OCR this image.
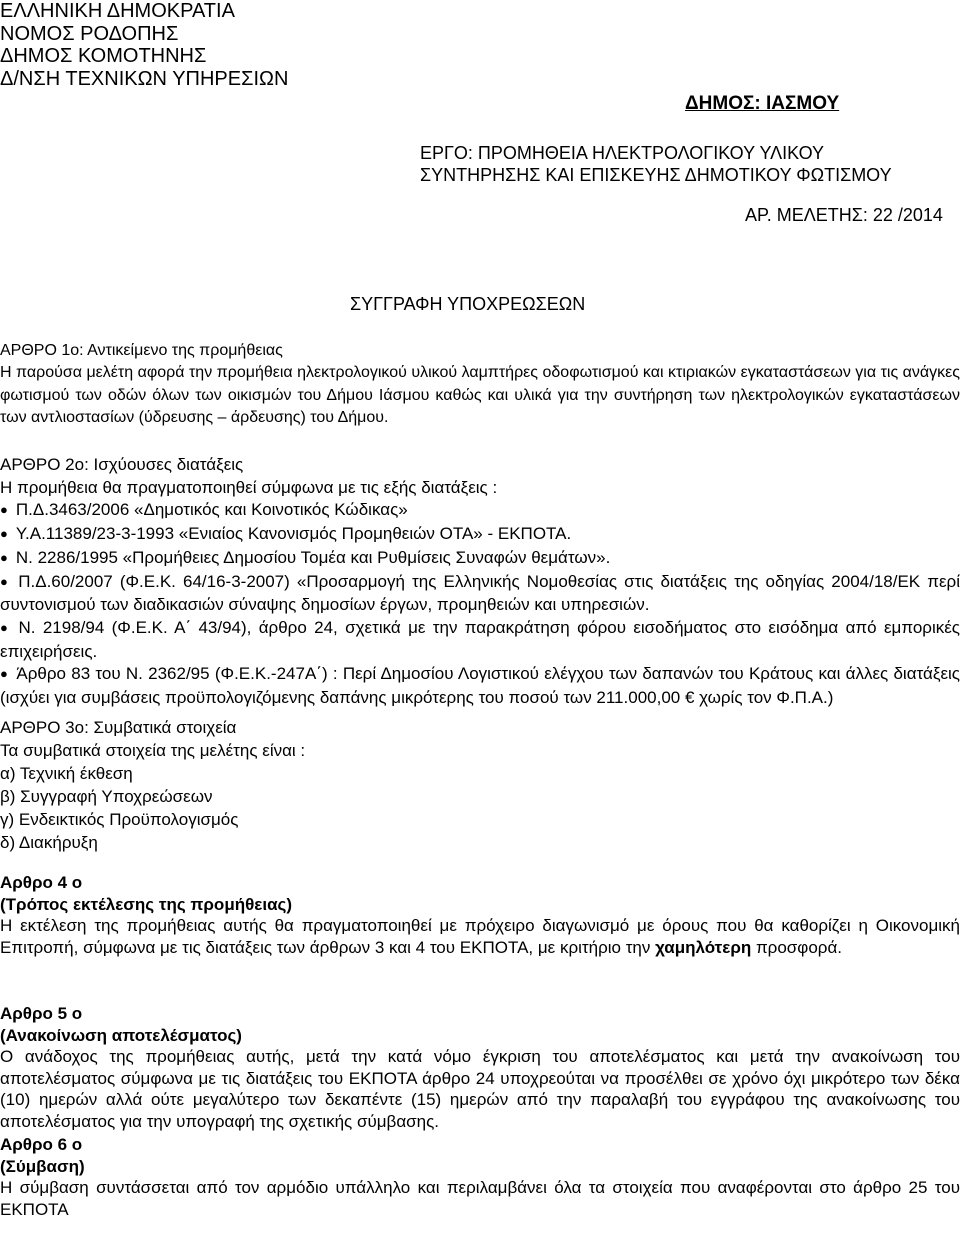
ΕΛΛΗΝΙΚΗ ΔΗΜΟΚΡΑΤΙΑ
ΝΟΜΟΣ ΡΟΔΟΠΗΣ
ΔΗΜΟΣ ΚΟΜΟΤΗΝΗΣ
Δ/ΝΣΗ ΤΕΧΝΙΚΩΝ ΥΠΗΡΕΣΙΩΝ
ΔΗΜΟΣ: ΙΑΣΜΟΥ
ΕΡΓΟ: ΠΡΟΜΗΘΕΙΑ ΗΛΕΚΤΡΟΛΟΓΙΚΟΥ ΥΛΙΚΟΥ
ΣΥΝΤΗΡΗΣΗΣ ΚΑΙ ΕΠΙΣΚΕΥΗΣ ΔΗΜΟΤΙΚΟΥ ΦΩΤΙΣΜΟΥ
ΑΡ. ΜΕΛΕΤΗΣ: 22 /2014
ΣΥΓΓΡΑΦΗ ΥΠΟΧΡΕΩΣΕΩΝ

ΑΡΘΡΟ 1ο: Αντικείμενο της προμήθειας

Η παρούσα μελέτη αφορά την προμήθεια ηλεκτρολογικού υλικού λαμπτήρες οδοφωτισμού και κτιριακών εγκαταστάσεων για τις ανάγκες φωτισμού των οδών όλων των οικισμών του Δήμου Ιάσμου καθώς και υλικά για την συντήρηση των ηλεκτρολογικών εγκαταστάσεων των αντλιοστασίων (ύδρευσης – άρδευσης) του Δήμου.

ΑΡΘΡΟ 2ο: Ισχύουσες διατάξεις

Η προμήθεια θα πραγματοποιηθεί σύμφωνα με τις εξής διατάξεις :

● Π.Δ.3463/2006 «Δημοτικός και Κοινοτικός Κώδικας»

● Υ.Α.11389/23-3-1993 «Ενιαίος Κανονισμός Προμηθειών ΟΤΑ» - ΕΚΠΟΤΑ.

● Ν. 2286/1995 «Προμήθειες Δημοσίου Τομέα και Ρυθμίσεις Συναφών θεμάτων».

● Π.Δ.60/2007 (Φ.Ε.Κ. 64/16-3-2007) «Προσαρμογή της Ελληνικής Νομοθεσίας στις διατάξεις της οδηγίας 2004/18/ΕΚ περί συντονισμού των διαδικασιών σύναψης δημοσίων έργων, προμηθειών και υπηρεσιών.

● Ν. 2198/94 (Φ.Ε.Κ. Α΄ 43/94), άρθρο 24, σχετικά με την παρακράτηση φόρου εισοδήματος στο εισόδημα από εμπορικές επιχειρήσεις.

● Άρθρο 83 του Ν. 2362/95 (Φ.Ε.Κ.-247Α΄) : Περί Δημοσίου Λογιστικού ελέγχου των δαπανών του Κράτους και άλλες διατάξεις (ισχύει για συμβάσεις προϋπολογιζόμενης δαπάνης μικρότερης του ποσού των 211.000,00 € χωρίς τον Φ.Π.Α.)

ΑΡΘΡΟ 3ο: Συμβατικά στοιχεία

Τα συμβατικά στοιχεία της μελέτης είναι :

α) Τεχνική έκθεση

β) Συγγραφή Υποχρεώσεων

γ) Ενδεικτικός Προϋπολογισμός

δ) Διακήρυξη

Αρθρο 4 ο

(Τρόπος εκτέλεσης της προμήθειας)

Η εκτέλεση της προμήθειας αυτής θα πραγματοποιηθεί με πρόχειρο διαγωνισμό με όρους που θα καθορίζει η Οικονομική Επιτροπή, σύμφωνα με τις διατάξεις των άρθρων 3 και 4 του ΕΚΠΟΤΑ, με κριτήριο την χαμηλότερη προσφορά.

Αρθρο 5 ο

(Ανακοίνωση αποτελέσματος)

Ο ανάδοχος της προμήθειας αυτής, μετά την κατά νόμο έγκριση του αποτελέσματος και μετά την ανακοίνωση του αποτελέσματος σύμφωνα με τις διατάξεις του ΕΚΠΟΤΑ άρθρο 24 υποχρεούται να προσέλθει σε χρόνο όχι μικρότερο των δέκα (10) ημερών αλλά ούτε μεγαλύτερο των δεκαπέντε (15) ημερών από την παραλαβή του εγγράφου της ανακοίνωσης του αποτελέσματος για την υπογραφή της σχετικής σύμβασης.

Αρθρο 6 ο

(Σύμβαση)

Η σύμβαση συντάσσεται από τον αρμόδιο υπάλληλο και περιλαμβάνει όλα τα στοιχεία που αναφέρονται στο άρθρο 25 του ΕΚΠΟΤΑ
